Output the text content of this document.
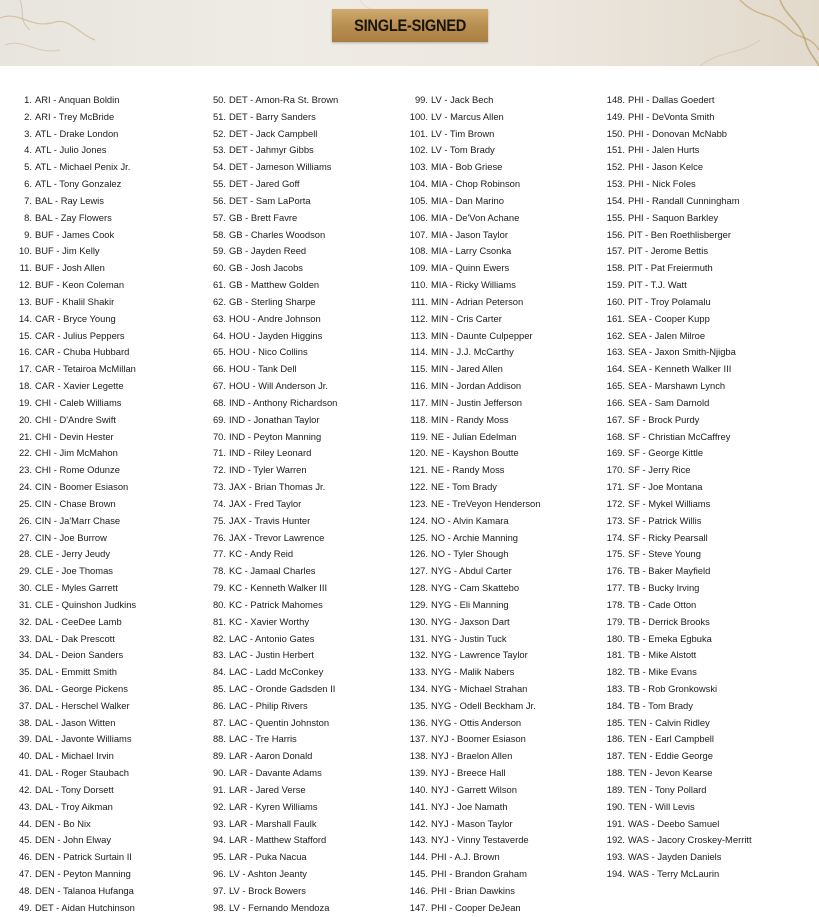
SINGLE-SIGNED
1. ARI - Anquan Boldin
2. ARI - Trey McBride
3. ATL - Drake London
4. ATL - Julio Jones
5. ATL - Michael Penix Jr.
6. ATL - Tony Gonzalez
7. BAL - Ray Lewis
8. BAL - Zay Flowers
9. BUF - James Cook
10. BUF - Jim Kelly
11. BUF - Josh Allen
12. BUF - Keon Coleman
13. BUF - Khalil Shakir
14. CAR - Bryce Young
15. CAR - Julius Peppers
16. CAR - Chuba Hubbard
17. CAR - Tetairoa McMillan
18. CAR - Xavier Legette
19. CHI - Caleb Williams
20. CHI - D'Andre Swift
21. CHI - Devin Hester
22. CHI - Jim McMahon
23. CHI - Rome Odunze
24. CIN - Boomer Esiason
25. CIN - Chase Brown
26. CIN - Ja'Marr Chase
27. CIN - Joe Burrow
28. CLE - Jerry Jeudy
29. CLE - Joe Thomas
30. CLE - Myles Garrett
31. CLE - Quinshon Judkins
32. DAL - CeeDee Lamb
33. DAL - Dak Prescott
34. DAL - Deion Sanders
35. DAL - Emmitt Smith
36. DAL - George Pickens
37. DAL - Herschel Walker
38. DAL - Jason Witten
39. DAL - Javonte Williams
40. DAL - Michael Irvin
41. DAL - Roger Staubach
42. DAL - Tony Dorsett
43. DAL - Troy Aikman
44. DEN - Bo Nix
45. DEN - John Elway
46. DEN - Patrick Surtain II
47. DEN - Peyton Manning
48. DEN - Talanoa Hufanga
49. DET - Aidan Hutchinson
50. DET - Amon-Ra St. Brown
51. DET - Barry Sanders
52. DET - Jack Campbell
53. DET - Jahmyr Gibbs
54. DET - Jameson Williams
55. DET - Jared Goff
56. DET - Sam LaPorta
57. GB - Brett Favre
58. GB - Charles Woodson
59. GB - Jayden Reed
60. GB - Josh Jacobs
61. GB - Matthew Golden
62. GB - Sterling Sharpe
63. HOU - Andre Johnson
64. HOU - Jayden Higgins
65. HOU - Nico Collins
66. HOU - Tank Dell
67. HOU - Will Anderson Jr.
68. IND - Anthony Richardson
69. IND - Jonathan Taylor
70. IND - Peyton Manning
71. IND - Riley Leonard
72. IND - Tyler Warren
73. JAX - Brian Thomas Jr.
74. JAX - Fred Taylor
75. JAX - Travis Hunter
76. JAX - Trevor Lawrence
77. KC - Andy Reid
78. KC - Jamaal Charles
79. KC - Kenneth Walker III
80. KC - Patrick Mahomes
81. KC - Xavier Worthy
82. LAC - Antonio Gates
83. LAC - Justin Herbert
84. LAC - Ladd McConkey
85. LAC - Oronde Gadsden II
86. LAC - Philip Rivers
87. LAC - Quentin Johnston
88. LAC - Tre Harris
89. LAR - Aaron Donald
90. LAR - Davante Adams
91. LAR - Jared Verse
92. LAR - Kyren Williams
93. LAR - Marshall Faulk
94. LAR - Matthew Stafford
95. LAR - Puka Nacua
96. LV - Ashton Jeanty
97. LV - Brock Bowers
98. LV - Fernando Mendoza
99. LV - Jack Bech
100. LV - Marcus Allen
101. LV - Tim Brown
102. LV - Tom Brady
103. MIA - Bob Griese
104. MIA - Chop Robinson
105. MIA - Dan Marino
106. MIA - De'Von Achane
107. MIA - Jason Taylor
108. MIA - Larry Csonka
109. MIA - Quinn Ewers
110. MIA - Ricky Williams
111. MIN - Adrian Peterson
112. MIN - Cris Carter
113. MIN - Daunte Culpepper
114. MIN - J.J. McCarthy
115. MIN - Jared Allen
116. MIN - Jordan Addison
117. MIN - Justin Jefferson
118. MIN - Randy Moss
119. NE - Julian Edelman
120. NE - Kayshon Boutte
121. NE - Randy Moss
122. NE - Tom Brady
123. NE - TreVeyon Henderson
124. NO - Alvin Kamara
125. NO - Archie Manning
126. NO - Tyler Shough
127. NYG - Abdul Carter
128. NYG - Cam Skattebo
129. NYG - Eli Manning
130. NYG - Jaxson Dart
131. NYG - Justin Tuck
132. NYG - Lawrence Taylor
133. NYG - Malik Nabers
134. NYG - Michael Strahan
135. NYG - Odell Beckham Jr.
136. NYG - Ottis Anderson
137. NYJ - Boomer Esiason
138. NYJ - Braelon Allen
139. NYJ - Breece Hall
140. NYJ - Garrett Wilson
141. NYJ - Joe Namath
142. NYJ - Mason Taylor
143. NYJ - Vinny Testaverde
144. PHI - A.J. Brown
145. PHI - Brandon Graham
146. PHI - Brian Dawkins
147. PHI - Cooper DeJean
148. PHI - Dallas Goedert
149. PHI - DeVonta Smith
150. PHI - Donovan McNabb
151. PHI - Jalen Hurts
152. PHI - Jason Kelce
153. PHI - Nick Foles
154. PHI - Randall Cunningham
155. PHI - Saquon Barkley
156. PIT - Ben Roethlisberger
157. PIT - Jerome Bettis
158. PIT - Pat Freiermuth
159. PIT - T.J. Watt
160. PIT - Troy Polamalu
161. SEA - Cooper Kupp
162. SEA - Jalen Milroe
163. SEA - Jaxon Smith-Njigba
164. SEA - Kenneth Walker III
165. SEA - Marshawn Lynch
166. SEA - Sam Darnold
167. SF - Brock Purdy
168. SF - Christian McCaffrey
169. SF - George Kittle
170. SF - Jerry Rice
171. SF - Joe Montana
172. SF - Mykel Williams
173. SF - Patrick Willis
174. SF - Ricky Pearsall
175. SF - Steve Young
176. TB - Baker Mayfield
177. TB - Bucky Irving
178. TB - Cade Otton
179. TB - Derrick Brooks
180. TB - Emeka Egbuka
181. TB - Mike Alstott
182. TB - Mike Evans
183. TB - Rob Gronkowski
184. TB - Tom Brady
185. TEN - Calvin Ridley
186. TEN - Earl Campbell
187. TEN - Eddie George
188. TEN - Jevon Kearse
189. TEN - Tony Pollard
190. TEN - Will Levis
191. WAS - Deebo Samuel
192. WAS - Jacory Croskey-Merritt
193. WAS - Jayden Daniels
194. WAS - Terry McLaurin
